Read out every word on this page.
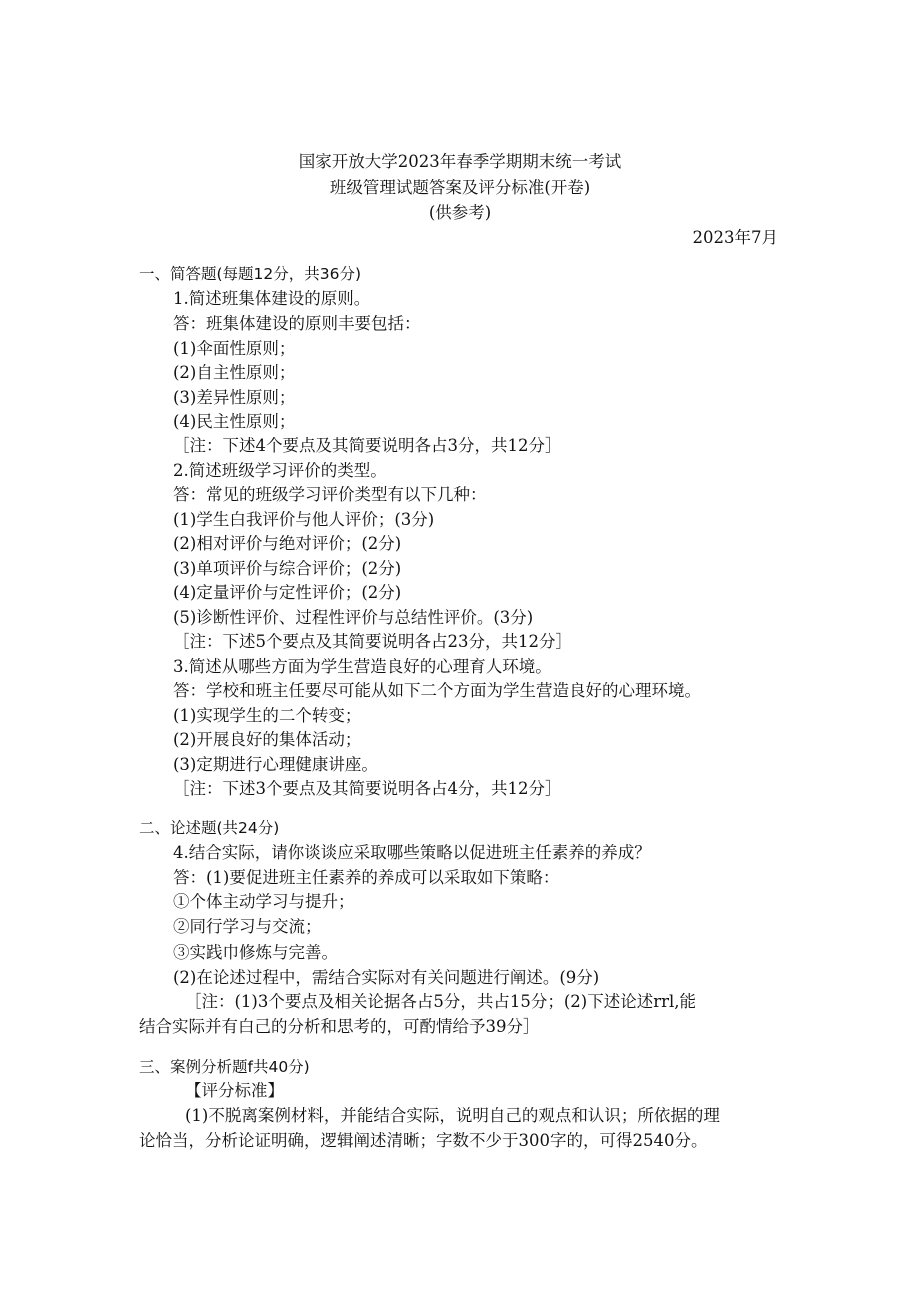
国家开放大学2023年春季学期期末统一考试
班级管理试题答案及评分标准(开卷)
(供参考)
2023年7月
一、简答题(每题12分，共36分)
1.简述班集体建设的原则。
答：班集体建设的原则丰要包括：
(1)伞面性原则；
(2)自主性原则；
(3)差异性原则；
(4)民主性原则；
［注：下述4个要点及其简要说明各占3分，共12分］
2.简述班级学习评价的类型。
答：常见的班级学习评价类型有以下几种：
(1)学生白我评价与他人评价；(3分)
(2)相对评价与绝对评价；(2分)
(3)单项评价与综合评价；(2分)
(4)定量评价与定性评价；(2分)
(5)诊断性评价、过程性评价与总结性评价。(3分)
［注：下述5个要点及其简要说明各占23分，共12分］
3.简述从哪些方面为学生营造良好的心理育人环境。
答：学校和班主任要尽可能从如下二个方面为学生营造良好的心理环境。
(1)实现学生的二个转变；
(2)开展良好的集体活动；
(3)定期进行心理健康讲座。
［注：下述3个要点及其简要说明各占4分，共12分］
二、论述题(共24分)
4.结合实际，请你谈谈应采取哪些策略以促进班主任素养的养成？
答：(1)要促进班主任素养的养成可以采取如下策略：
①个体主动学习与提升；
②同行学习与交流；
③实践巾修炼与完善。
(2)在论述过程中，需结合实际对有关问题进行阐述。(9分)
［注：(1)3个要点及相关论据各占5分，共占15分；(2)下述论述rrl,能
结合实际并有白己的分析和思考的，可酌情给予39分］
三、案例分析题f共40分)
【评分标准】
(1)不脱离案例材料，并能结合实际，说明自己的观点和认识；所依据的理
论恰当，分析论证明确，逻辑阐述清晰；字数不少于300字的，可得2540分。
